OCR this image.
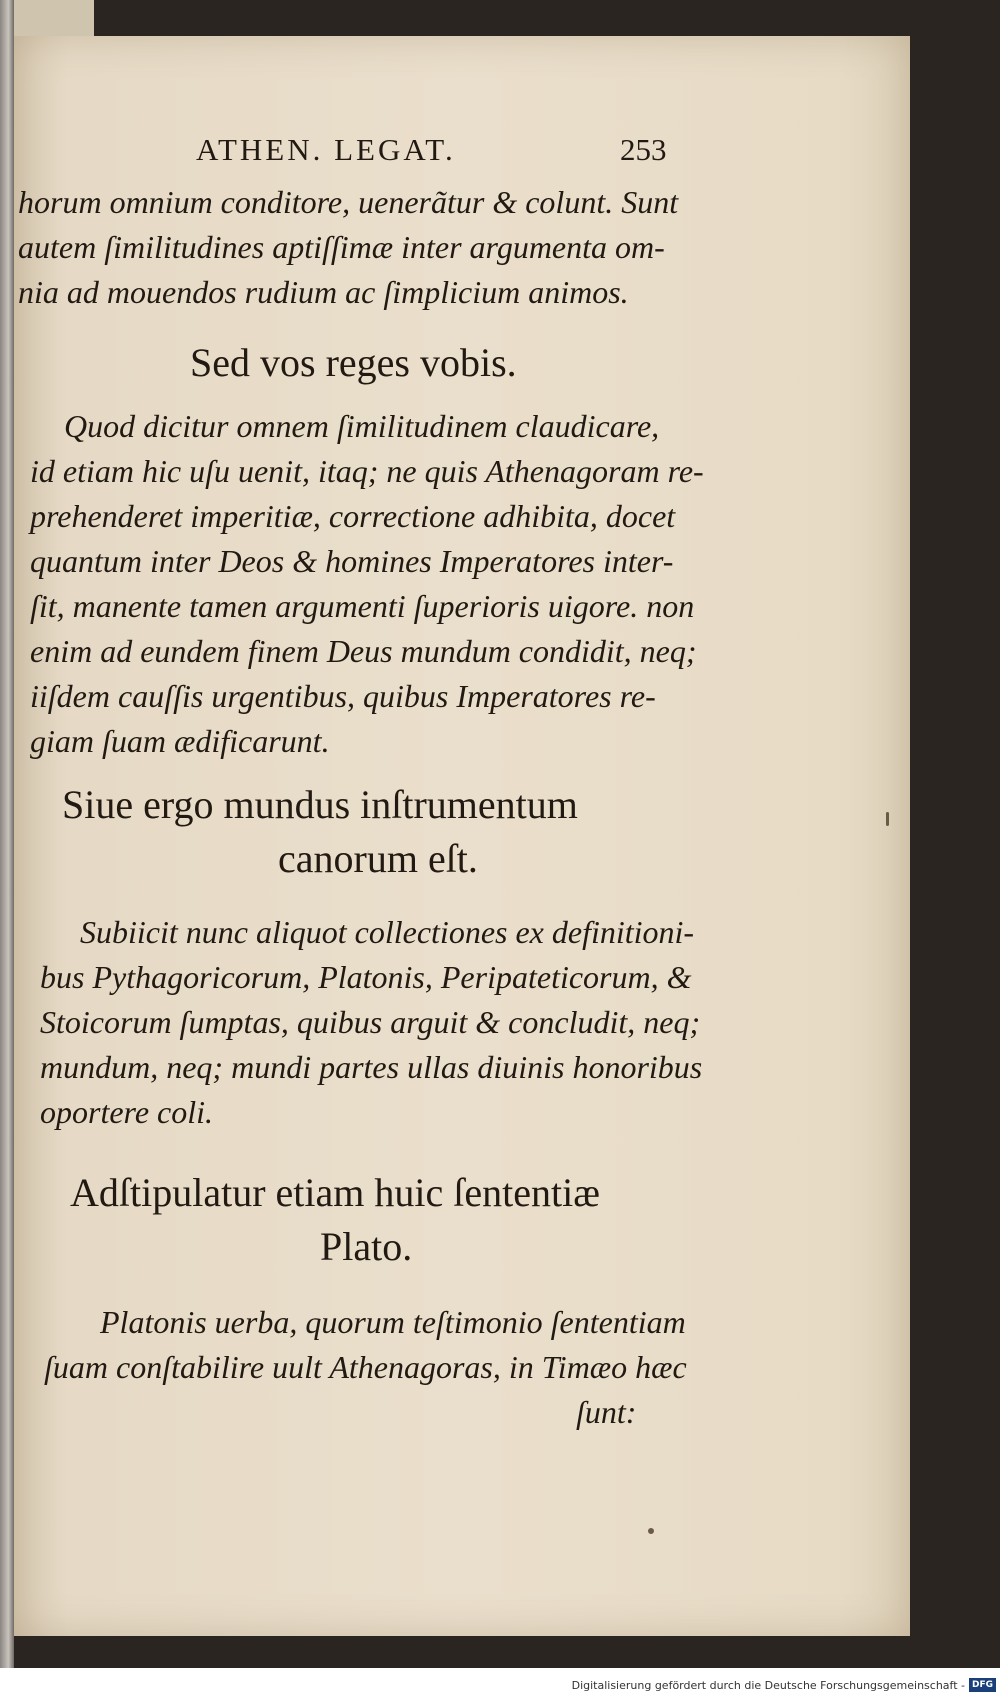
ATHEN. LEGAT.	253
horum omnium conditore, uenerãtur & colunt. Sunt
autem ſimilitudines aptiſſimæ inter argumenta om-
nia ad mouendos rudium ac ſimplicium animos.
Sed vos reges vobis.
Quod dicitur omnem ſimilitudinem claudicare,
id etiam hic uſu uenit, itaq; ne quis Athenagoram re-
prehenderet imperitiæ, correctione adhibita, docet
quantum inter Deos & homines Imperatores inter-
ſit, manente tamen argumenti ſuperioris uigore. non
enim ad eundem finem Deus mundum condidit, neq;
iiſdem cauſſis urgentibus, quibus Imperatores re-
giam ſuam ædificarunt.
Siue ergo mundus inſtrumentum
canorum eſt.
Subiicit nunc aliquot collectiones ex definitioni-
bus Pythagoricorum, Platonis, Peripateticorum, &
Stoicorum ſumptas, quibus arguit & concludit, neq;
mundum, neq; mundi partes ullas diuinis honoribus
oportere coli.
Adſtipulatur etiam huic ſententiæ
Plato.
Platonis uerba, quorum teſtimonio ſententiam
ſuam conſtabilire uult Athenagoras, in Timæo hæc
ſunt:
Digitalisierung gefördert durch die Deutsche Forschungsgemeinschaft - DFG
